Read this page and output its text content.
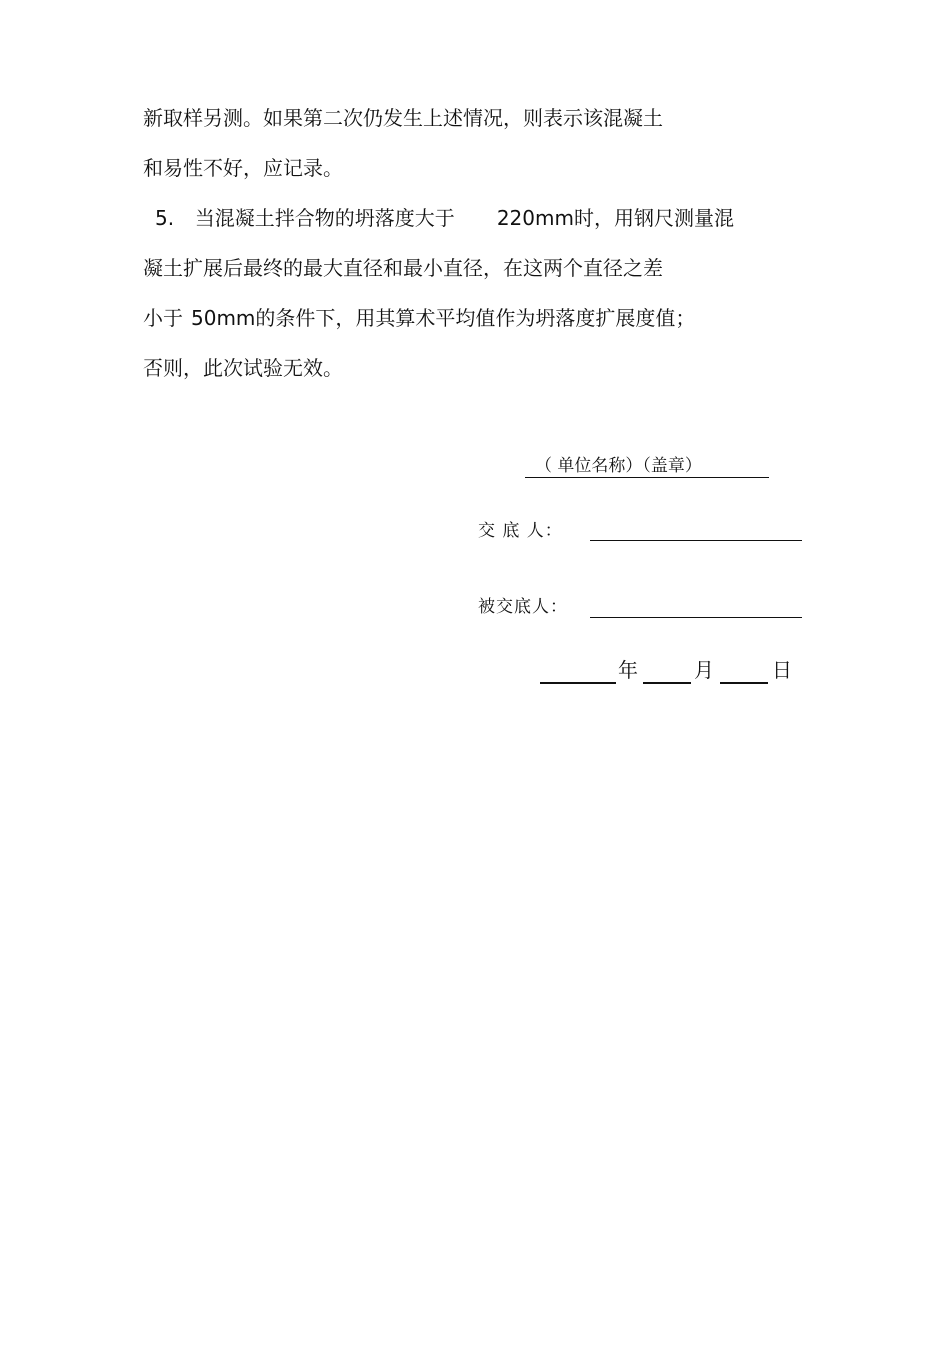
新取样另测。如果第二次仍发生上述情况，则表示该混凝土
和易性不好，应记录。
5. 当混凝土拌合物的坍落度大于 220mm时，用钢尺测量混
凝土扩展后最终的最大直径和最小直径，在这两个直径之差
小于 50mm的条件下，用其算术平均值作为坍落度扩展度值；
否则，此次试验无效。
（ 单位名称）（盖章）
交 底 人：
被交底人：
年	月	日
